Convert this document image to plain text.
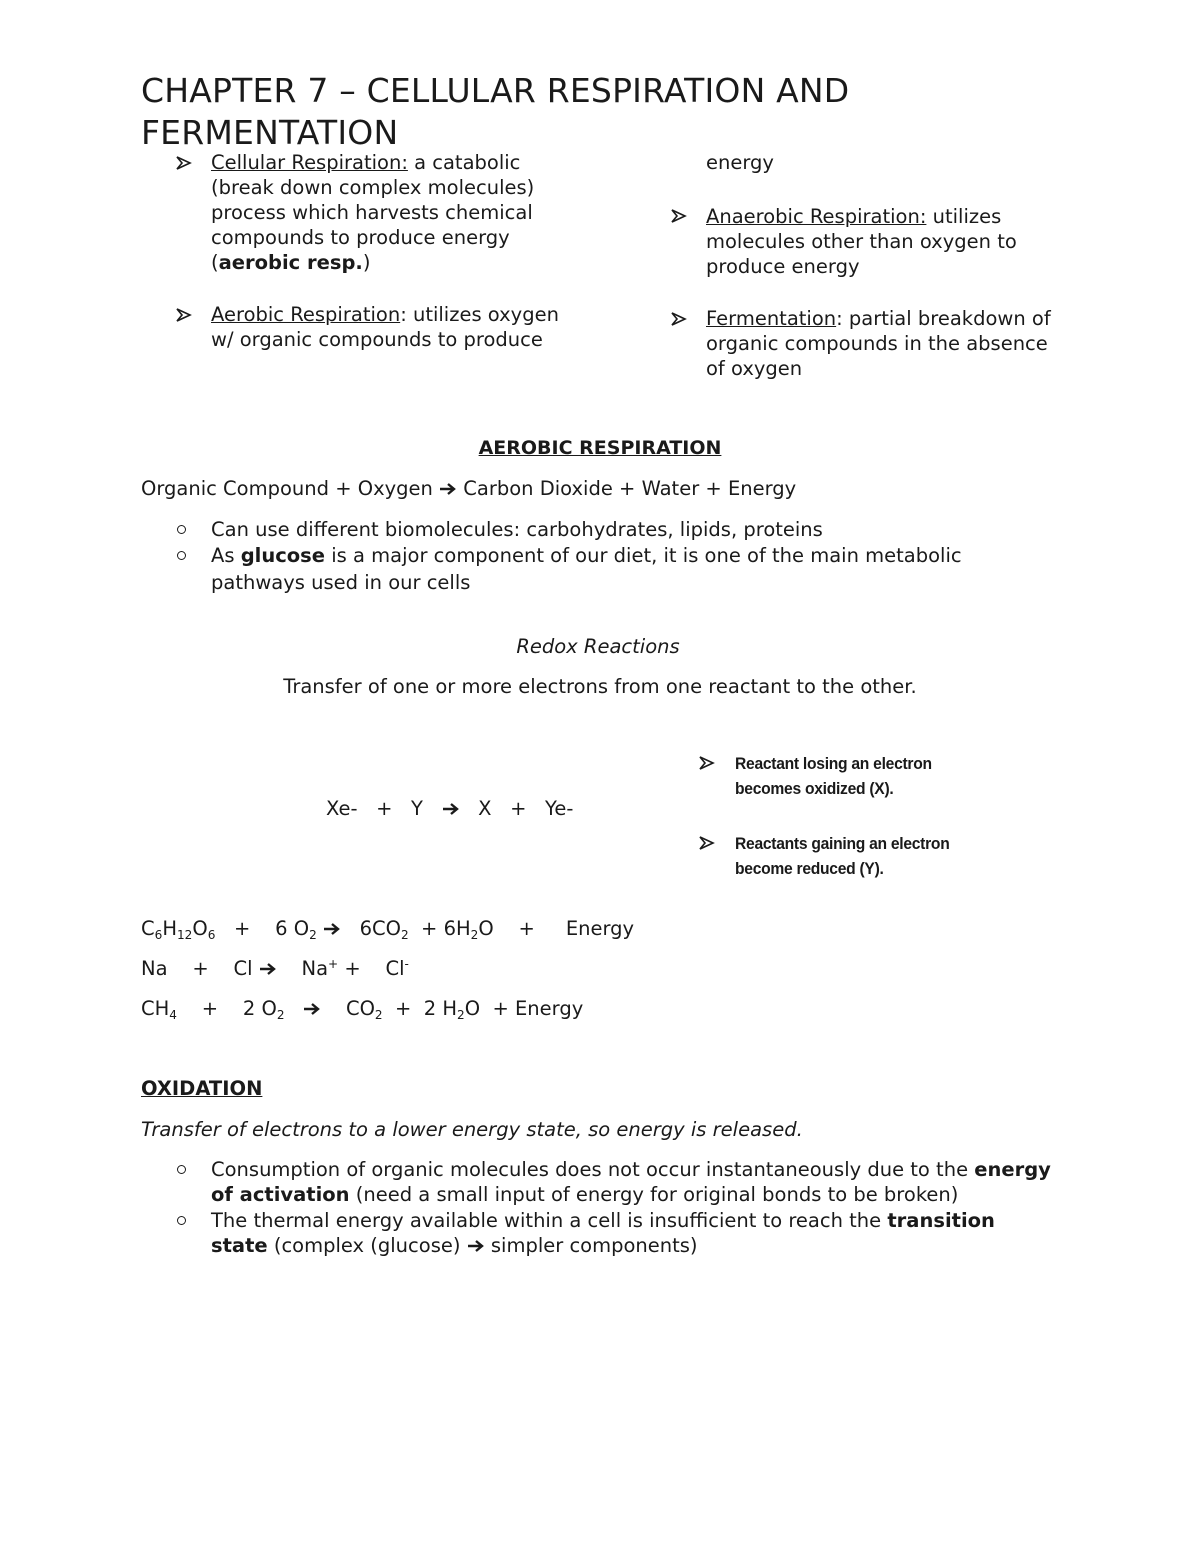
CHAPTER 7 – CELLULAR RESPIRATION AND FERMENTATION
Cellular Respiration: a catabolic
(break down complex molecules)
process which harvests chemical
compounds to produce energy
(aerobic resp.)
Aerobic Respiration: utilizes oxygen
w/ organic compounds to produce
energy
Anaerobic Respiration: utilizes
molecules other than oxygen to
produce energy
Fermentation: partial breakdown of
organic compounds in the absence
of oxygen
AEROBIC RESPIRATION
Organic Compound + Oxygen  Carbon Dioxide + Water + Energy
Can use different biomolecules: carbohydrates, lipids, proteins
As glucose is a major component of our diet, it is one of the main metabolic
pathways used in our cells
Redox Reactions
Transfer of one or more electrons from one reactant to the other.
Xe-   +   Y      X   +   Ye-
Reactant losing an electron
becomes oxidized (X).
Reactants gaining an electron
become reduced (Y).
$C_6H_{12}O_6$   +    6 $O_2$    $6CO_2 + 6H_2O$    +     Energy
Na    +    Cl     Na+ +    Cl-
$CH_4$    +    2 $O_2$       $CO_2 + 2$ $H_2O$  + Energy
OXIDATION
Transfer of electrons to a lower energy state, so energy is released.
Consumption of organic molecules does not occur instantaneously due to the energy
of activation (need a small input of energy for original bonds to be broken)
The thermal energy available within a cell is insufficient to reach the transition
state (complex (glucose)  simpler components)
